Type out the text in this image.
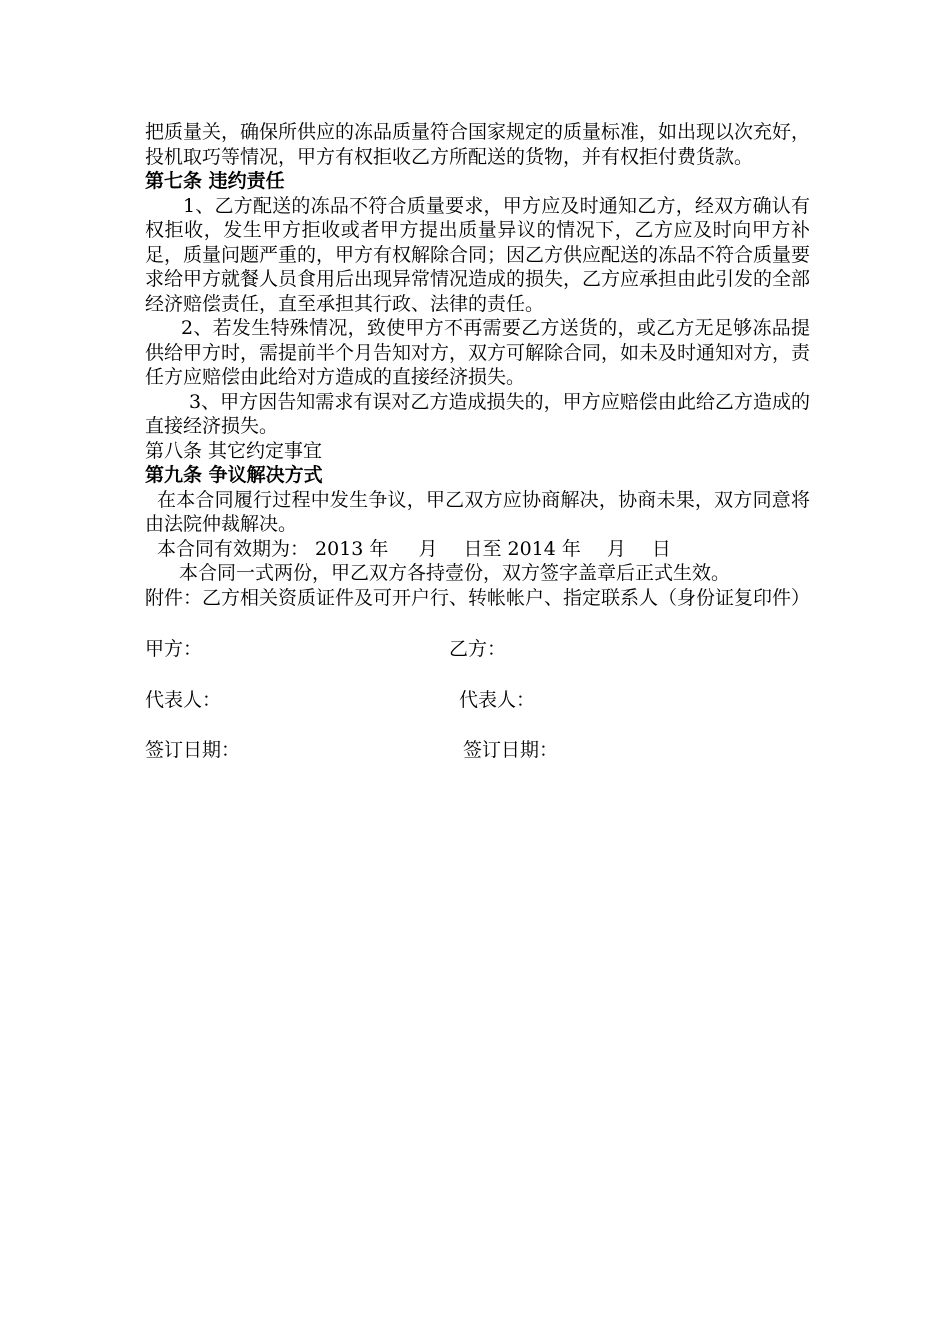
把质量关，确保所供应的冻品质量符合国家规定的质量标准，如出现以次充好，投机取巧等情况，甲方有权拒收乙方所配送的货物，并有权拒付费货款。

第七条 违约责任

1、乙方配送的冻品不符合质量要求，甲方应及时通知乙方，经双方确认有权拒收，发生甲方拒收或者甲方提出质量异议的情况下，乙方应及时向甲方补足，质量问题严重的，甲方有权解除合同；因乙方供应配送的冻品不符合质量要求给甲方就餐人员食用后出现异常情况造成的损失，乙方应承担由此引发的全部经济赔偿责任，直至承担其行政、法律的责任。

2、若发生特殊情况，致使甲方不再需要乙方送货的，或乙方无足够冻品提供给甲方时，需提前半个月告知对方，双方可解除合同，如未及时通知对方，责任方应赔偿由此给对方造成的直接经济损失。

3、甲方因告知需求有误对乙方造成损失的，甲方应赔偿由此给乙方造成的直接经济损失。

第八条 其它约定事宜

第九条 争议解决方式

在本合同履行过程中发生争议，甲乙双方应协商解决，协商未果，双方同意将由法院仲裁解决。

本合同有效期为： 2013 年 月 日至 2014 年 月 日

本合同一式两份，甲乙双方各持壹份，双方签字盖章后正式生效。

附件：乙方相关资质证件及可开户行、转帐帐户、指定联系人（身份证复印件）

甲方：	乙方：
代表人：	代表人：
签订日期：	签订日期：
